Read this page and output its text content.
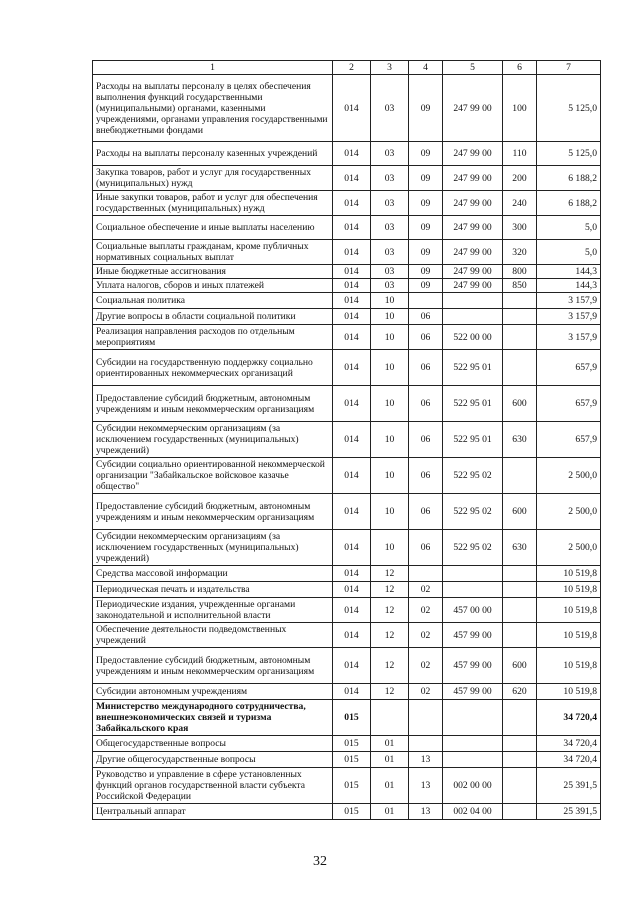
1	2	3	4	5	6	7
Расходы на выплаты персоналу в целях обеспечения выполнения функций государственными (муниципальными) органами, казенными учреждениями, органами управления государственными внебюджетными фондами	014	03	09	247 99 00	100	5 125,0
Расходы на выплаты персоналу казенных учреждений	014	03	09	247 99 00	110	5 125,0
Закупка товаров, работ и услуг для государственных (муниципальных) нужд	014	03	09	247 99 00	200	6 188,2
Иные закупки товаров, работ и услуг для обеспечения государственных (муниципальных) нужд	014	03	09	247 99 00	240	6 188,2
Социальное обеспечение и иные выплаты населению	014	03	09	247 99 00	300	5,0
Социальные выплаты гражданам, кроме публичных нормативных социальных выплат	014	03	09	247 99 00	320	5,0
Иные бюджетные ассигнования	014	03	09	247 99 00	800	144,3
Уплата налогов, сборов и иных платежей	014	03	09	247 99 00	850	144,3
Социальная политика	014	10				3 157,9
Другие вопросы в области социальной политики	014	10	06			3 157,9
Реализация направления расходов по отдельным мероприятиям	014	10	06	522 00 00		3 157,9
Субсидии на государственную поддержку социально ориентированных некоммерческих организаций	014	10	06	522 95 01		657,9
Предоставление субсидий бюджетным, автономным учреждениям и иным некоммерческим организациям	014	10	06	522 95 01	600	657,9
Субсидии некоммерческим организациям (за исключением государственных (муниципальных) учреждений)	014	10	06	522 95 01	630	657,9
Субсидии социально ориентированной некоммерческой организации "Забайкальское войсковое казачье общество"	014	10	06	522 95 02		2 500,0
Предоставление субсидий бюджетным, автономным учреждениям и иным некоммерческим организациям	014	10	06	522 95 02	600	2 500,0
Субсидии некоммерческим организациям (за исключением государственных (муниципальных) учреждений)	014	10	06	522 95 02	630	2 500,0
Средства массовой информации	014	12				10 519,8
Периодическая печать и издательства	014	12	02			10 519,8
Периодические издания, учрежденные органами законодательной и исполнительной власти	014	12	02	457 00 00		10 519,8
Обеспечение деятельности подведомственных учреждений	014	12	02	457 99 00		10 519,8
Предоставление субсидий бюджетным, автономным учреждениям и иным некоммерческим организациям	014	12	02	457 99 00	600	10 519,8
Субсидии автономным учреждениям	014	12	02	457 99 00	620	10 519,8
Министерство международного сотрудничества, внешнеэкономических связей и туризма Забайкальского края	015					34 720,4
Общегосударственные вопросы	015	01				34 720,4
Другие общегосударственные вопросы	015	01	13			34 720,4
Руководство и управление в сфере установленных функций органов государственной власти субъекта Российской Федерации	015	01	13	002 00 00		25 391,5
Центральный аппарат	015	01	13	002 04 00		25 391,5
32
